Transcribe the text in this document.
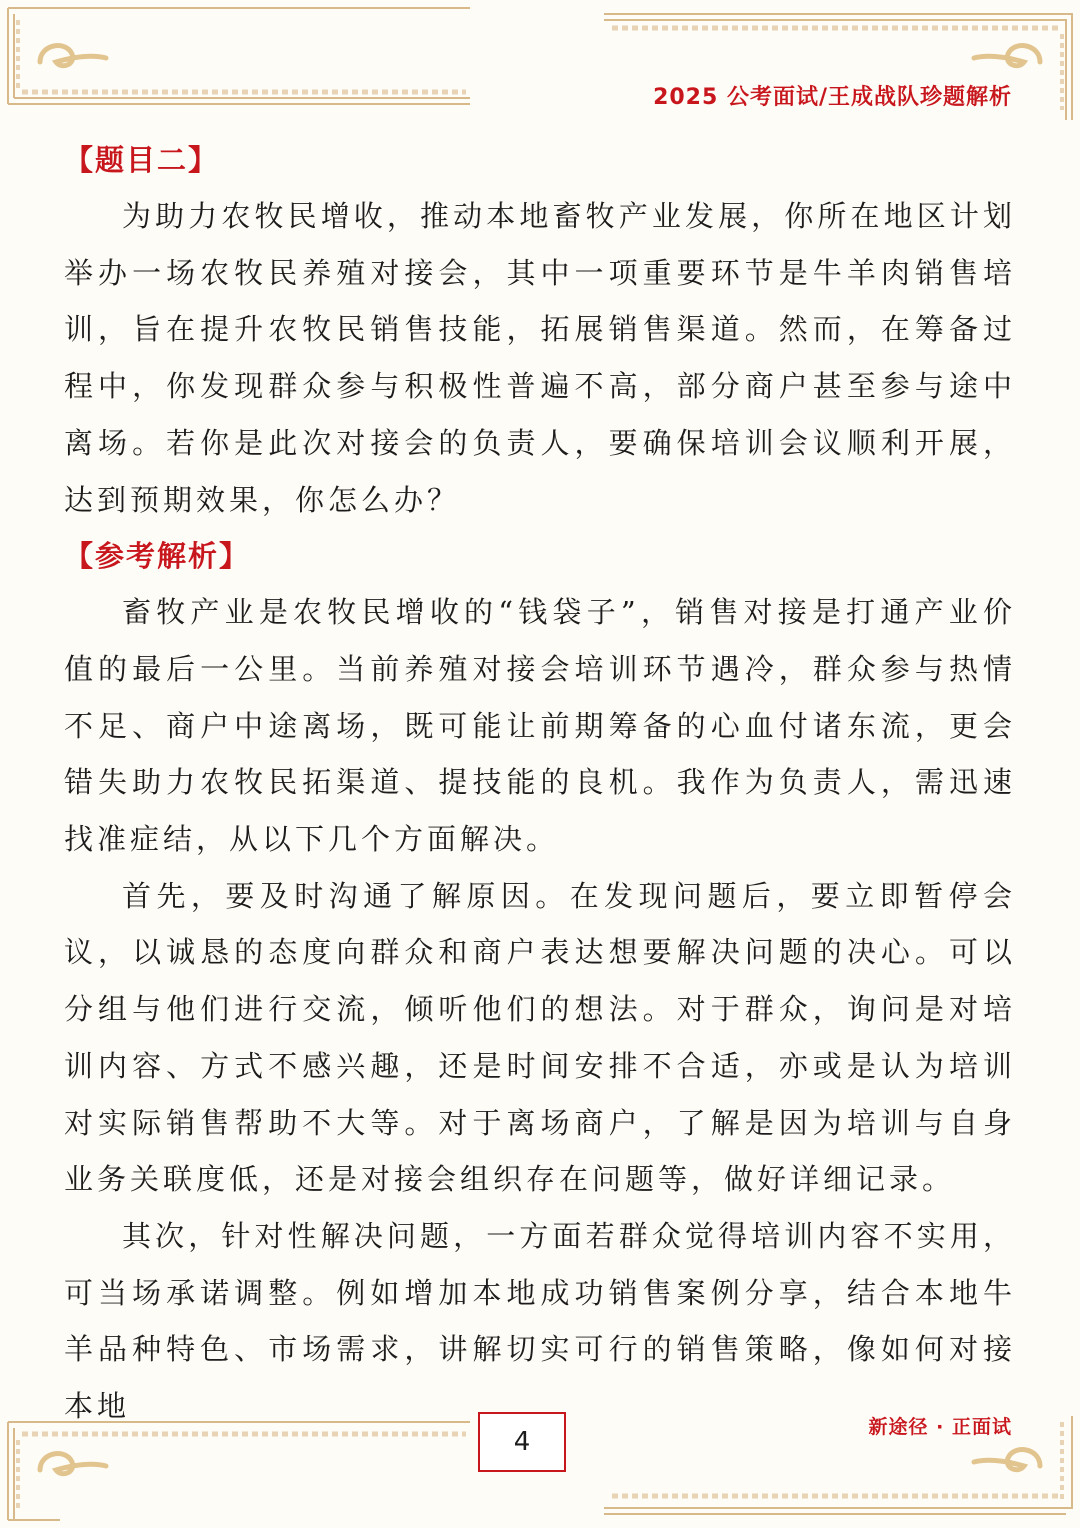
2025 公考面试/王成战队珍题解析
【题目二】

为助力农牧民增收，推动本地畜牧产业发展，你所在地区计划举办一场农牧民养殖对接会，其中一项重要环节是牛羊肉销售培训，旨在提升农牧民销售技能，拓展销售渠道。然而，在筹备过程中，你发现群众参与积极性普遍不高，部分商户甚至参与途中离场。若你是此次对接会的负责人，要确保培训会议顺利开展，达到预期效果，你怎么办？

【参考解析】

畜牧产业是农牧民增收的“钱袋子”，销售对接是打通产业价值的最后一公里。当前养殖对接会培训环节遇冷，群众参与热情不足、商户中途离场，既可能让前期筹备的心血付诸东流，更会错失助力农牧民拓渠道、提技能的良机。我作为负责人，需迅速找准症结，从以下几个方面解决。

首先，要及时沟通了解原因。在发现问题后，要立即暂停会议，以诚恳的态度向群众和商户表达想要解决问题的决心。可以分组与他们进行交流，倾听他们的想法。对于群众，询问是对培训内容、方式不感兴趣，还是时间安排不合适，亦或是认为培训对实际销售帮助不大等。对于离场商户，了解是因为培训与自身业务关联度低，还是对接会组织存在问题等，做好详细记录。

其次，针对性解决问题，一方面若群众觉得培训内容不实用，可当场承诺调整。例如增加本地成功销售案例分享，结合本地牛羊品种特色、市场需求，讲解切实可行的销售策略，像如何对接本地

4	新途径 · 正面试
